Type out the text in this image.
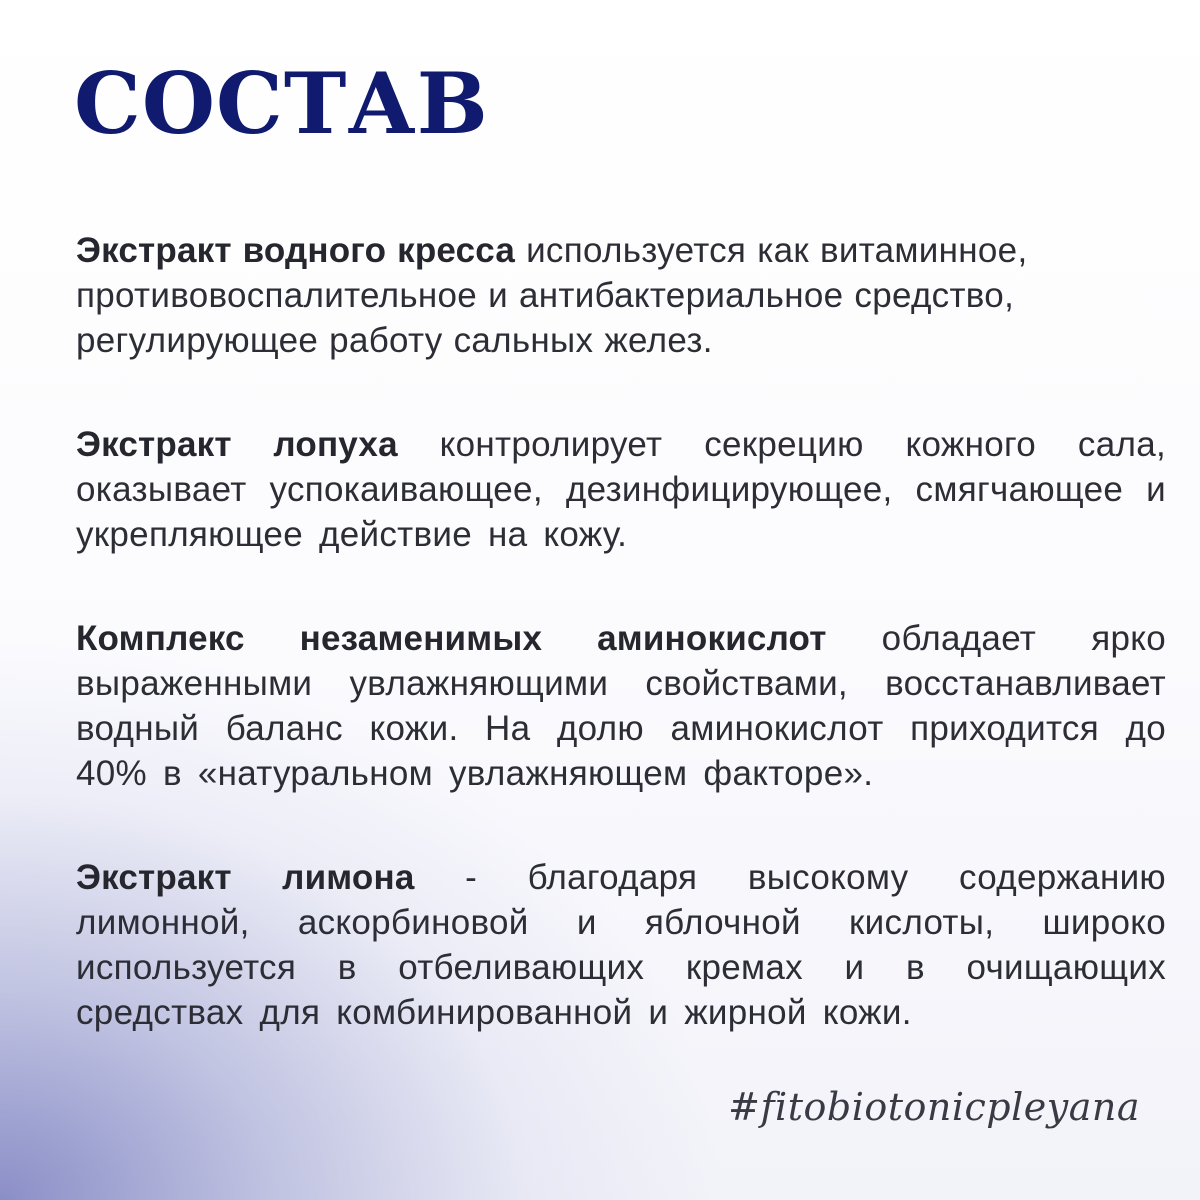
СОСТАВ

Экстракт водного кресса используется как витаминное, противовоспалительное и антибактериальное средство, регулирующее работу сальных желез.

Экстракт лопуха контролирует секрецию кожного сала, оказывает успокаивающее, дезинфицирующее, смягчающее и укрепляющее действие на кожу.

Комплекс незаменимых аминокислот обладает ярко выраженными увлажняющими свойствами, восстанавливает водный баланс кожи. На долю аминокислот приходится до 40% в «натуральном увлажняющем факторе».

Экстракт лимона - благодаря высокому содержанию лимонной, аскорбиновой и яблочной кислоты, широко используется в отбеливающих кремах и в очищающих средствах для комбинированной и жирной кожи.

#fitobiotonicpleyana
